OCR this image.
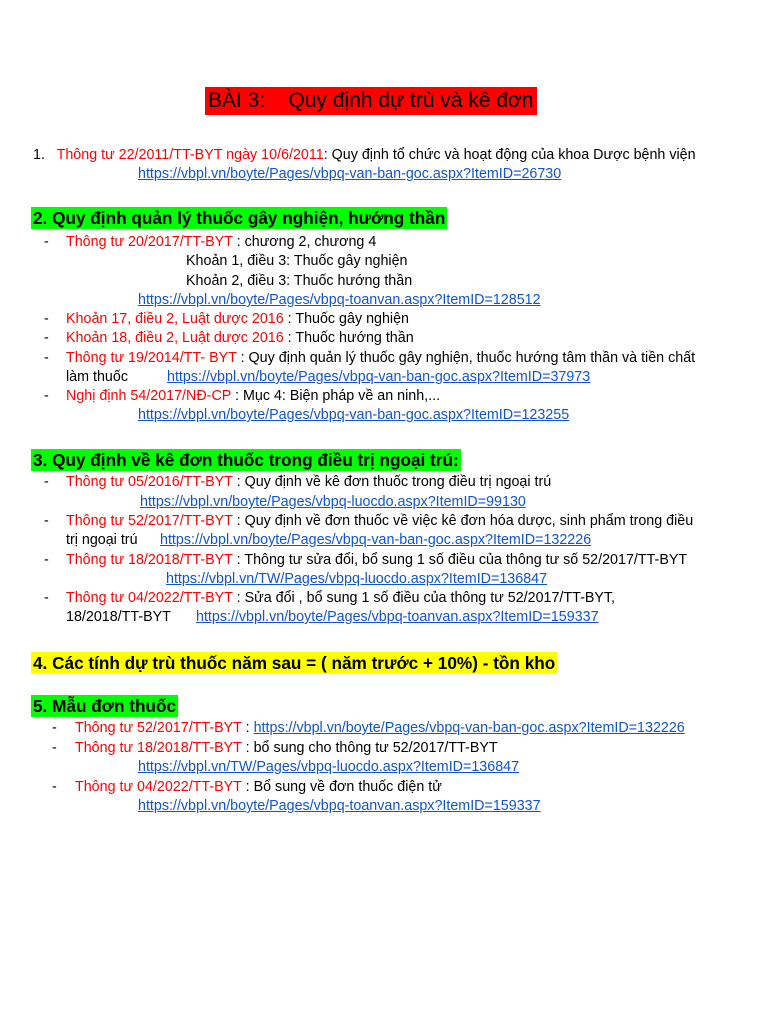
BÀI 3:    Quy định dự trù và kê đơn
1. Thông tư 22/2011/TT-BYT ngày 10/6/2011: Quy định tổ chức và hoạt động của khoa Dược bệnh viện
https://vbpl.vn/boyte/Pages/vbpq-van-ban-goc.aspx?ItemID=26730
2. Quy định quản lý thuốc gây nghiện, hướng thần
-	Thông tư 20/2017/TT-BYT : chương 2, chương 4
Khoản 1, điều 3: Thuốc gây nghiện
Khoản 2, điều 3: Thuốc hướng thần
https://vbpl.vn/boyte/Pages/vbpq-toanvan.aspx?ItemID=128512
-	Khoản 17, điều 2, Luật dược 2016 : Thuốc gây nghiện
-	Khoản 18, điều 2, Luật dược 2016 : Thuốc hướng thần
-	Thông tư 19/2014/TT- BYT : Quy định quản lý thuốc gây nghiện, thuốc hướng tâm thần và tiền chất
làm thuốc	https://vbpl.vn/boyte/Pages/vbpq-van-ban-goc.aspx?ItemID=37973
-	Nghị định 54/2017/NĐ-CP : Mục 4: Biện pháp về an ninh,...
https://vbpl.vn/boyte/Pages/vbpq-van-ban-goc.aspx?ItemID=123255
3. Quy định về kê đơn thuốc trong điều trị ngoại trú:
-	Thông tư 05/2016/TT-BYT : Quy định về kê đơn thuốc trong điều trị ngoại trú
https://vbpl.vn/boyte/Pages/vbpq-luocdo.aspx?ItemID=99130
-	Thông tư 52/2017/TT-BYT : Quy định về đơn thuốc về việc kê đơn hóa dược, sinh phẩm trong điều
trị ngoại trú https://vbpl.vn/boyte/Pages/vbpq-van-ban-goc.aspx?ItemID=132226
-	Thông tư 18/2018/TT-BYT : Thông tư sửa đổi, bổ sung 1 số điều của thông tư số 52/2017/TT-BYT
https://vbpl.vn/TW/Pages/vbpq-luocdo.aspx?ItemID=136847
-	Thông tư 04/2022/TT-BYT : Sửa đổi , bổ sung 1 số điều của thông tư 52/2017/TT-BYT,
18/2018/TT-BYT https://vbpl.vn/boyte/Pages/vbpq-toanvan.aspx?ItemID=159337
4. Các tính dự trù thuốc năm sau = ( năm trước + 10%) - tồn kho
5. Mẫu đơn thuốc
-	Thông tư 52/2017/TT-BYT : https://vbpl.vn/boyte/Pages/vbpq-van-ban-goc.aspx?ItemID=132226
-	Thông tư 18/2018/TT-BYT : bổ sung cho thông tư 52/2017/TT-BYT
https://vbpl.vn/TW/Pages/vbpq-luocdo.aspx?ItemID=136847
-	Thông tư 04/2022/TT-BYT : Bổ sung về đơn thuốc điện tử
https://vbpl.vn/boyte/Pages/vbpq-toanvan.aspx?ItemID=159337
